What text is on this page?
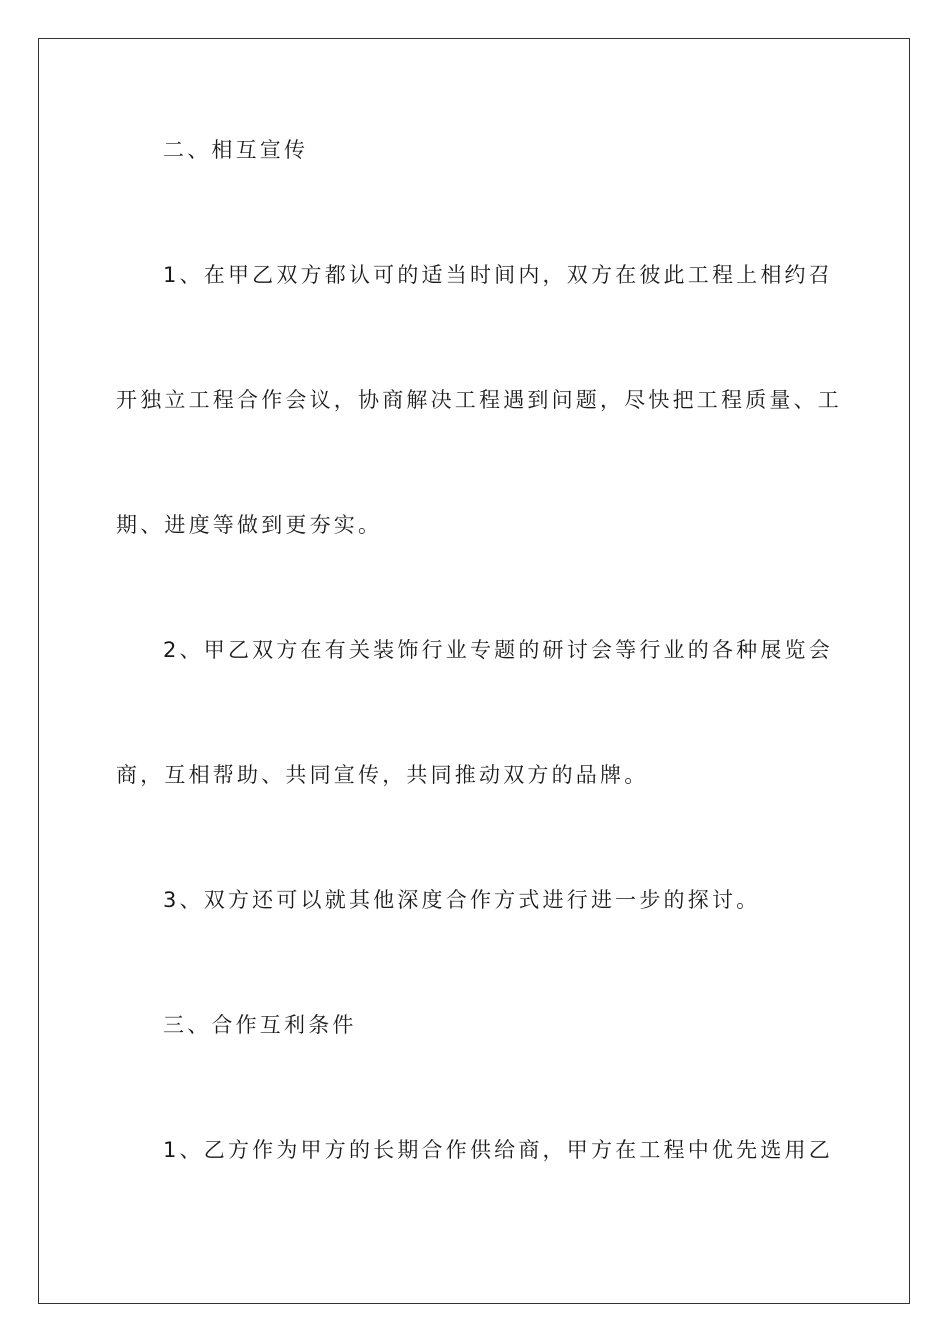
二、相互宣传
1、在甲乙双方都认可的适当时间内，双方在彼此工程上相约召
开独立工程合作会议，协商解决工程遇到问题，尽快把工程质量、工
期、进度等做到更夯实。
2、甲乙双方在有关装饰行业专题的研讨会等行业的各种展览会
商，互相帮助、共同宣传，共同推动双方的品牌。
3、双方还可以就其他深度合作方式进行进一步的探讨。
三、合作互利条件
1、乙方作为甲方的长期合作供给商，甲方在工程中优先选用乙
